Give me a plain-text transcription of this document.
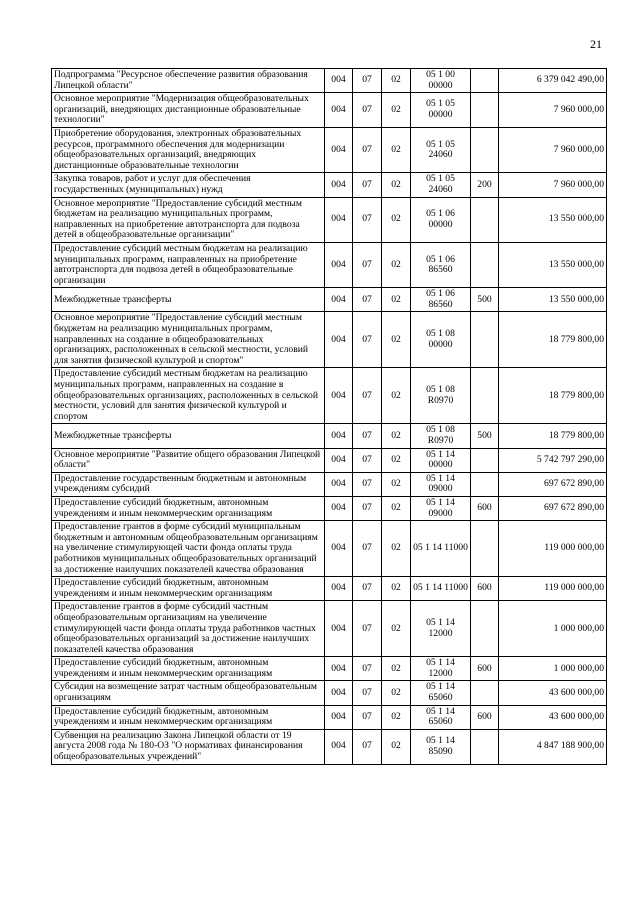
21
Подпрограмма "Ресурсное обеспечение развития образования Липецкой области"	004	07	02	05 1 00 00000		6 379 042 490,00
Основное мероприятие "Модернизация общеобразовательных организаций, внедряющих дистанционные образовательные технологии"	004	07	02	05 1 05 00000		7 960 000,00
Приобретение оборудования, электронных образовательных ресурсов, программного обеспечения для модернизации общеобразовательных организаций, внедряющих дистанционные образовательные технологии	004	07	02	05 1 05 24060		7 960 000,00
Закупка товаров, работ и услуг для обеспечения государственных (муниципальных) нужд	004	07	02	05 1 05 24060	200	7 960 000,00
Основное мероприятие "Предоставление субсидий местным бюджетам на реализацию муниципальных программ, направленных на приобретение автотранспорта для подвоза детей в общеобразовательные организации"	004	07	02	05 1 06 00000		13 550 000,00
Предоставление субсидий местным бюджетам на реализацию муниципальных программ, направленных на приобретение автотранспорта для подвоза детей в общеобразовательные организации	004	07	02	05 1 06 86560		13 550 000,00
Межбюджетные трансферты	004	07	02	05 1 06 86560	500	13 550 000,00
Основное мероприятие "Предоставление субсидий местным бюджетам на реализацию муниципальных программ, направленных на создание в общеобразовательных организациях, расположенных в сельской местности, условий для занятия физической культурой и спортом"	004	07	02	05 1 08 00000		18 779 800,00
Предоставление субсидий местным бюджетам на реализацию муниципальных программ, направленных на создание в общеобразовательных организациях, расположенных в сельской местности, условий для занятия физической культурой и спортом	004	07	02	05 1 08 R0970		18 779 800,00
Межбюджетные трансферты	004	07	02	05 1 08 R0970	500	18 779 800,00
Основное мероприятие "Развитие общего образования Липецкой области"	004	07	02	05 1 14 00000		5 742 797 290,00
Предоставление государственным бюджетным и автономным учреждениям субсидий	004	07	02	05 1 14 09000		697 672 890,00
Предоставление субсидий бюджетным, автономным учреждениям и иным некоммерческим организациям	004	07	02	05 1 14 09000	600	697 672 890,00
Предоставление грантов в форме субсидий муниципальным бюджетным и автономным общеобразовательным организациям на увеличение стимулирующей части фонда оплаты труда работников муниципальных общеобразовательных организаций за достижение наилучших показателей качества образования	004	07	02	05 1 14 11000		119 000 000,00
Предоставление субсидий бюджетным, автономным учреждениям и иным некоммерческим организациям	004	07	02	05 1 14 11000	600	119 000 000,00
Предоставление грантов в форме субсидий частным общеобразовательным организациям на увеличение стимулирующей части фонда оплаты труда работников частных общеобразовательных организаций за достижение наилучших показателей качества образования	004	07	02	05 1 14 12000		1 000 000,00
Предоставление субсидий бюджетным, автономным учреждениям и иным некоммерческим организациям	004	07	02	05 1 14 12000	600	1 000 000,00
Субсидия на возмещение затрат частным общеобразовательным организациям	004	07	02	05 1 14 65060		43 600 000,00
Предоставление субсидий бюджетным, автономным учреждениям и иным некоммерческим организациям	004	07	02	05 1 14 65060	600	43 600 000,00
Субвенция на реализацию Закона Липецкой области от 19 августа 2008 года № 180-ОЗ "О нормативах финансирования общеобразовательных учреждений"	004	07	02	05 1 14 85090		4 847 188 900,00
